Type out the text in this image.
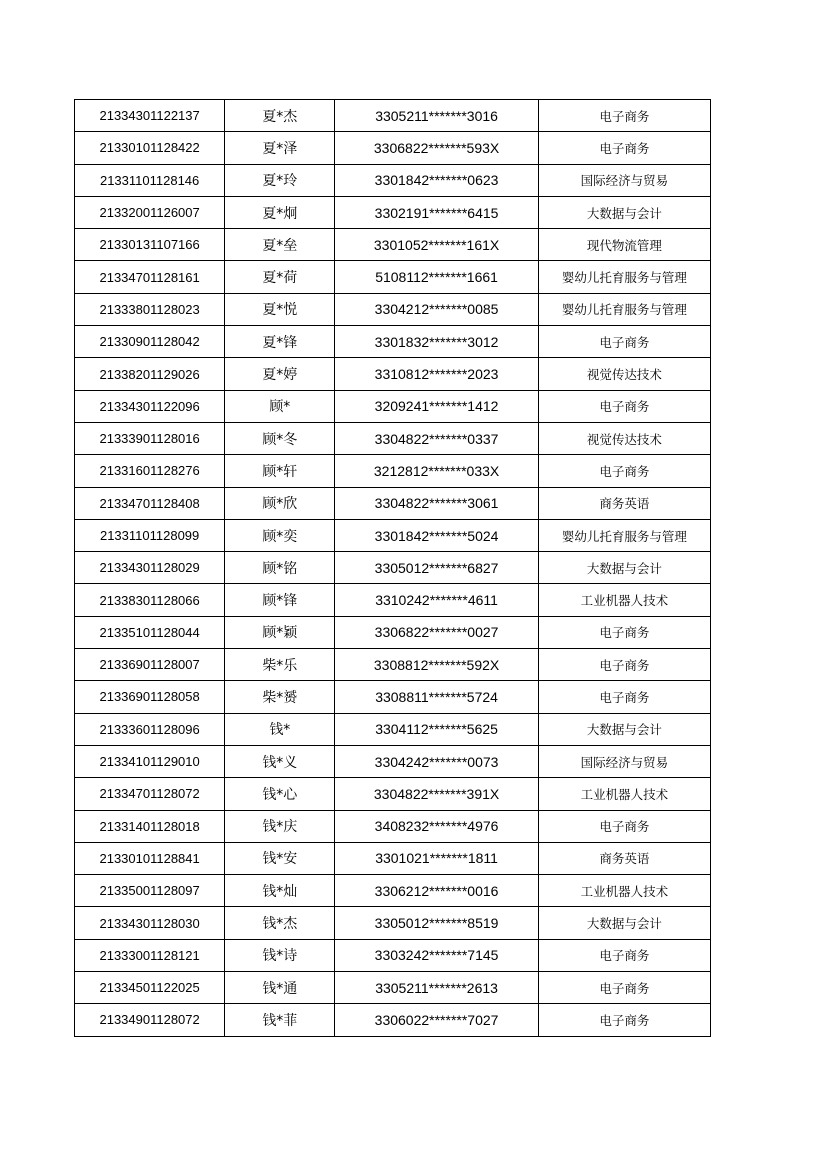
21334301122137	夏*杰	3305211*******3016	电子商务
21330101128422	夏*泽	3306822*******593X	电子商务
21331101128146	夏*玲	3301842*******0623	国际经济与贸易
21332001126007	夏*炯	3302191*******6415	大数据与会计
21330131107166	夏*垒	3301052*******161X	现代物流管理
21334701128161	夏*荷	5108112*******1661	婴幼儿托育服务与管理
21333801128023	夏*悦	3304212*******0085	婴幼儿托育服务与管理
21330901128042	夏*锋	3301832*******3012	电子商务
21338201129026	夏*婷	3310812*******2023	视觉传达技术
21334301122096	顾*	3209241*******1412	电子商务
21333901128016	顾*冬	3304822*******0337	视觉传达技术
21331601128276	顾*轩	3212812*******033X	电子商务
21334701128408	顾*欣	3304822*******3061	商务英语
21331101128099	顾*奕	3301842*******5024	婴幼儿托育服务与管理
21334301128029	顾*铭	3305012*******6827	大数据与会计
21338301128066	顾*锋	3310242*******4611	工业机器人技术
21335101128044	顾*颖	3306822*******0027	电子商务
21336901128007	柴*乐	3308812*******592X	电子商务
21336901128058	柴*赟	3308811*******5724	电子商务
21333601128096	钱*	3304112*******5625	大数据与会计
21334101129010	钱*义	3304242*******0073	国际经济与贸易
21334701128072	钱*心	3304822*******391X	工业机器人技术
21331401128018	钱*庆	3408232*******4976	电子商务
21330101128841	钱*安	3301021*******1811	商务英语
21335001128097	钱*灿	3306212*******0016	工业机器人技术
21334301128030	钱*杰	3305012*******8519	大数据与会计
21333001128121	钱*诗	3303242*******7145	电子商务
21334501122025	钱*通	3305211*******2613	电子商务
21334901128072	钱*菲	3306022*******7027	电子商务
